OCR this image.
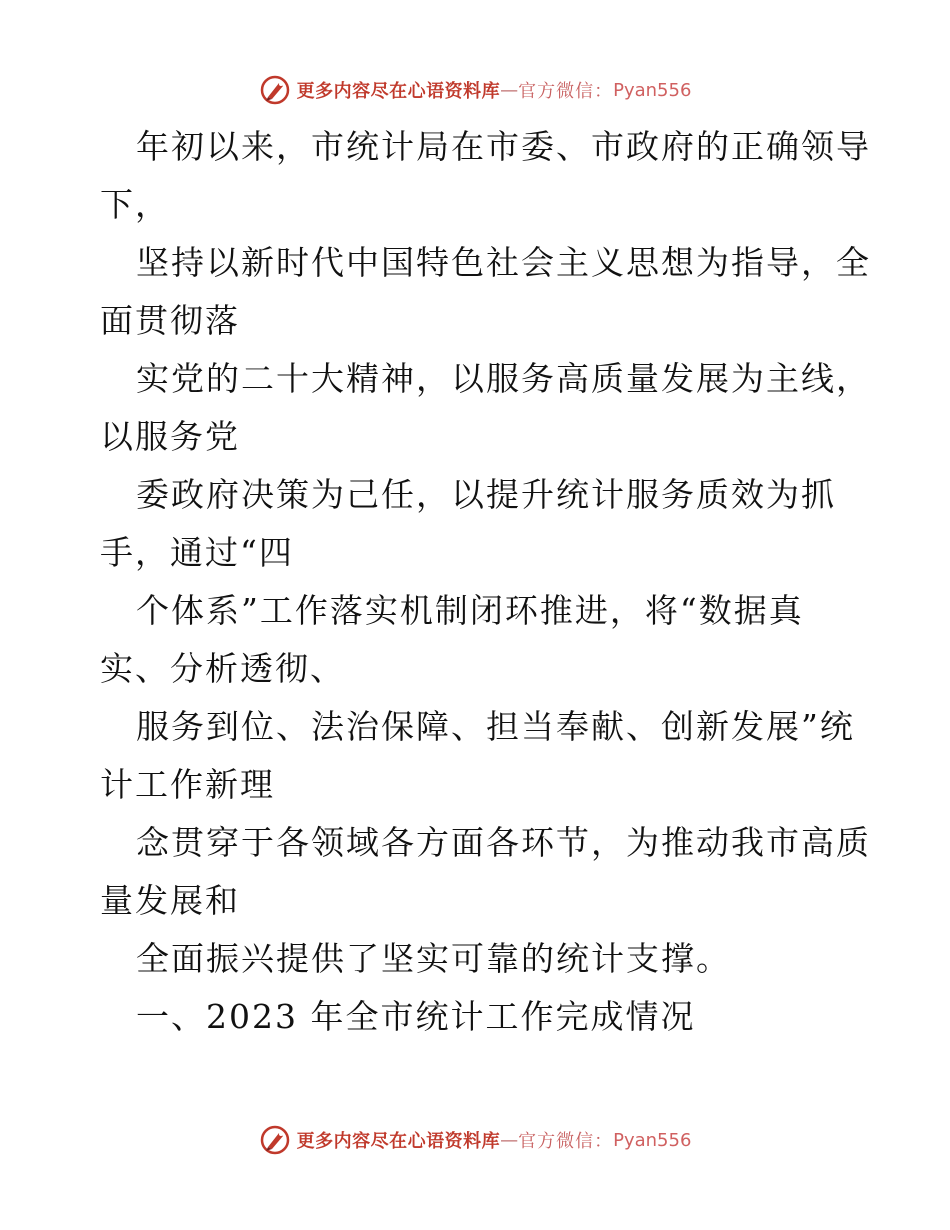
更多内容尽在心语资料库 — 官方微信： Pyan556
年初以来，市统计局在市委、市政府的正确领导
下，
坚持以新时代中国特色社会主义思想为指导，全
面贯彻落
实党的二十大精神，以服务高质量发展为主线，
以服务党
委政府决策为己任，以提升统计服务质效为抓
手，通过“四
个体系”工作落实机制闭环推进，将“数据真
实、分析透彻、
服务到位、法治保障、担当奉献、创新发展”统
计工作新理
念贯穿于各领域各方面各环节，为推动我市高质
量发展和
全面振兴提供了坚实可靠的统计支撑。
一、2023 年全市统计工作完成情况
更多内容尽在心语资料库 — 官方微信： Pyan556
